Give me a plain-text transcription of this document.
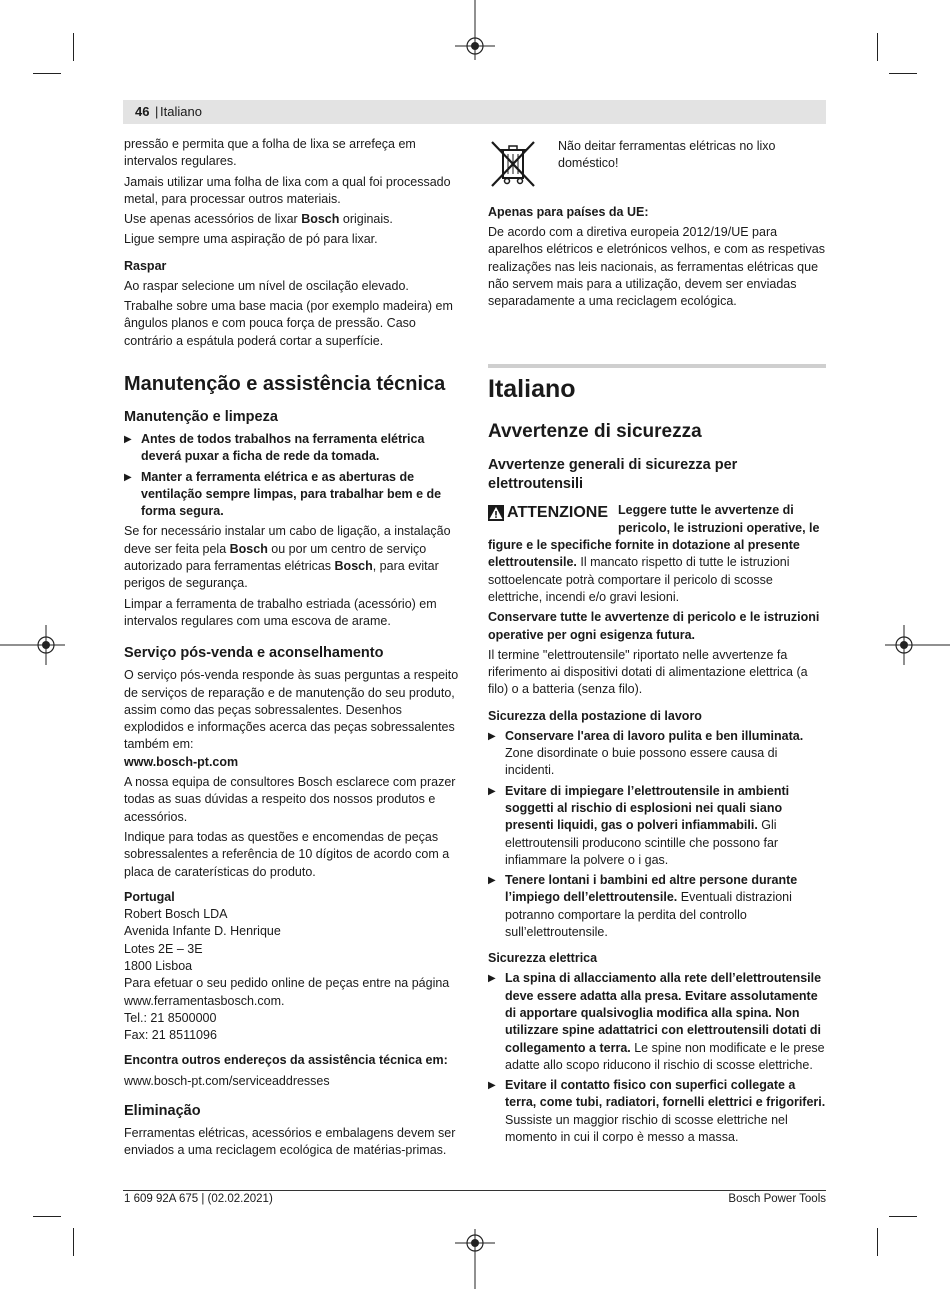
46 | Italiano

pressão e permita que a folha de lixa se arrefeça em intervalos regulares.

Jamais utilizar uma folha de lixa com a qual foi processado metal, para processar outros materiais.

Use apenas acessórios de lixar Bosch originais.

Ligue sempre uma aspiração de pó para lixar.

Raspar

Ao raspar selecione um nível de oscilação elevado.

Trabalhe sobre uma base macia (por exemplo madeira) em ângulos planos e com pouca força de pressão. Caso contrário a espátula poderá cortar a superfície.

Manutenção e assistência técnica
Manutenção e limpeza
▶ Antes de todos trabalhos na ferramenta elétrica deverá puxar a ficha de rede da tomada.
▶ Manter a ferramenta elétrica e as aberturas de ventilação sempre limpas, para trabalhar bem e de forma segura.

Se for necessário instalar um cabo de ligação, a instalação deve ser feita pela Bosch ou por um centro de serviço autorizado para ferramentas elétricas Bosch, para evitar perigos de segurança.

Limpar a ferramenta de trabalho estriada (acessório) em intervalos regulares com uma escova de arame.

Serviço pós-venda e aconselhamento

O serviço pós-venda responde às suas perguntas a respeito de serviços de reparação e de manutenção do seu produto, assim como das peças sobressalentes. Desenhos explodidos e informações acerca das peças sobressalentes também em:

www.bosch-pt.com

A nossa equipa de consultores Bosch esclarece com prazer todas as suas dúvidas a respeito dos nossos produtos e acessórios.

Indique para todas as questões e encomendas de peças sobressalentes a referência de 10 dígitos de acordo com a placa de caraterísticas do produto.

Portugal

Robert Bosch LDA

Avenida Infante D. Henrique

Lotes 2E – 3E

1800 Lisboa

Para efetuar o seu pedido online de peças entre na página www.ferramentasbosch.com.

Tel.: 21 8500000

Fax: 21 8511096

Encontra outros endereços da assistência técnica em:

www.bosch-pt.com/serviceaddresses

Eliminação

Ferramentas elétricas, acessórios e embalagens devem ser enviados a uma reciclagem ecológica de matérias-primas.

Não deitar ferramentas elétricas no lixo doméstico!

Apenas para países da UE:

De acordo com a diretiva europeia 2012/19/UE para aparelhos elétricos e eletrónicos velhos, e com as respetivas realizações nas leis nacionais, as ferramentas elétricas que não servem mais para a utilização, devem ser enviadas separadamente a uma reciclagem ecológica.

Italiano
Avvertenze di sicurezza
Avvertenze generali di sicurezza per elettroutensili
ATTENZIONE Leggere tutte le avvertenze di pericolo, le istruzioni operative, le figure e le specifiche fornite in dotazione al presente elettroutensile. Il mancato rispetto di tutte le istruzioni sottoelencate potrà comportare il pericolo di scosse elettriche, incendi e/o gravi lesioni.

Conservare tutte le avvertenze di pericolo e le istruzioni operative per ogni esigenza futura.

Il termine "elettroutensile" riportato nelle avvertenze fa riferimento ai dispositivi dotati di alimentazione elettrica (a filo) o a batteria (senza filo).

Sicurezza della postazione di lavoro
▶ Conservare l'area di lavoro pulita e ben illuminata. Zone disordinate o buie possono essere causa di incidenti.
▶ Evitare di impiegare l’elettroutensile in ambienti soggetti al rischio di esplosioni nei quali siano presenti liquidi, gas o polveri infiammabili. Gli elettroutensili producono scintille che possono far infiammare la polvere o i gas.
▶ Tenere lontani i bambini ed altre persone durante l’impiego dell’elettroutensile. Eventuali distrazioni potranno comportare la perdita del controllo sull’elettroutensile.
Sicurezza elettrica
▶ La spina di allacciamento alla rete dell’elettroutensile deve essere adatta alla presa. Evitare assolutamente di apportare qualsivoglia modifica alla spina. Non utilizzare spine adattatrici con elettroutensili dotati di collegamento a terra. Le spine non modificate e le prese adatte allo scopo riducono il rischio di scosse elettriche.
▶ Evitare il contatto fisico con superfici collegate a terra, come tubi, radiatori, fornelli elettrici e frigoriferi. Sussiste un maggior rischio di scosse elettriche nel momento in cui il corpo è messo a massa.
1 609 92A 675 | (02.02.2021)	Bosch Power Tools
